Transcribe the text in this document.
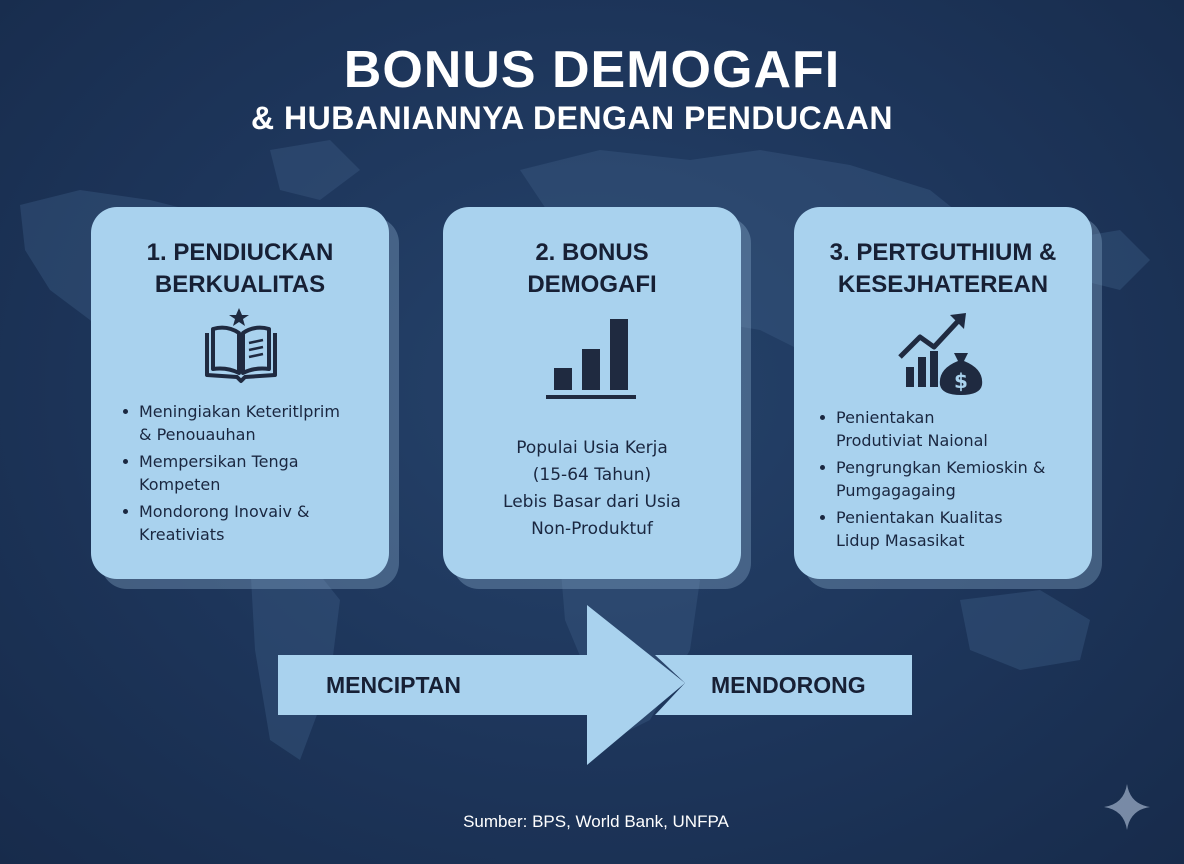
BONUS DEMOGAFI
& HUBANIANNYA DENGAN PENDUCAAN
1. PENDIUCKAN
BERKUALITAS
Meningiakan Keteritlprim
& Penouauhan
Mempersikan Tenga Kompeten
Mondorong Inovaiv &
Kreativiats
2. BONUS
DEMOGAFI
Populai Usia Kerja
(15-64 Tahun)
Lebis Basar dari Usia
Non-Produktuf
3. PERTGUTHIUM &
KESEJHATEREAN
$
Penientakan
Produtiviat Naional
Pengrungkan Kemioskin &
Pumgagagaing
Penientakan Kualitas
Lidup Masasikat
MENCIPTAN	MENDORONG
Sumber: BPS, World Bank, UNFPA
